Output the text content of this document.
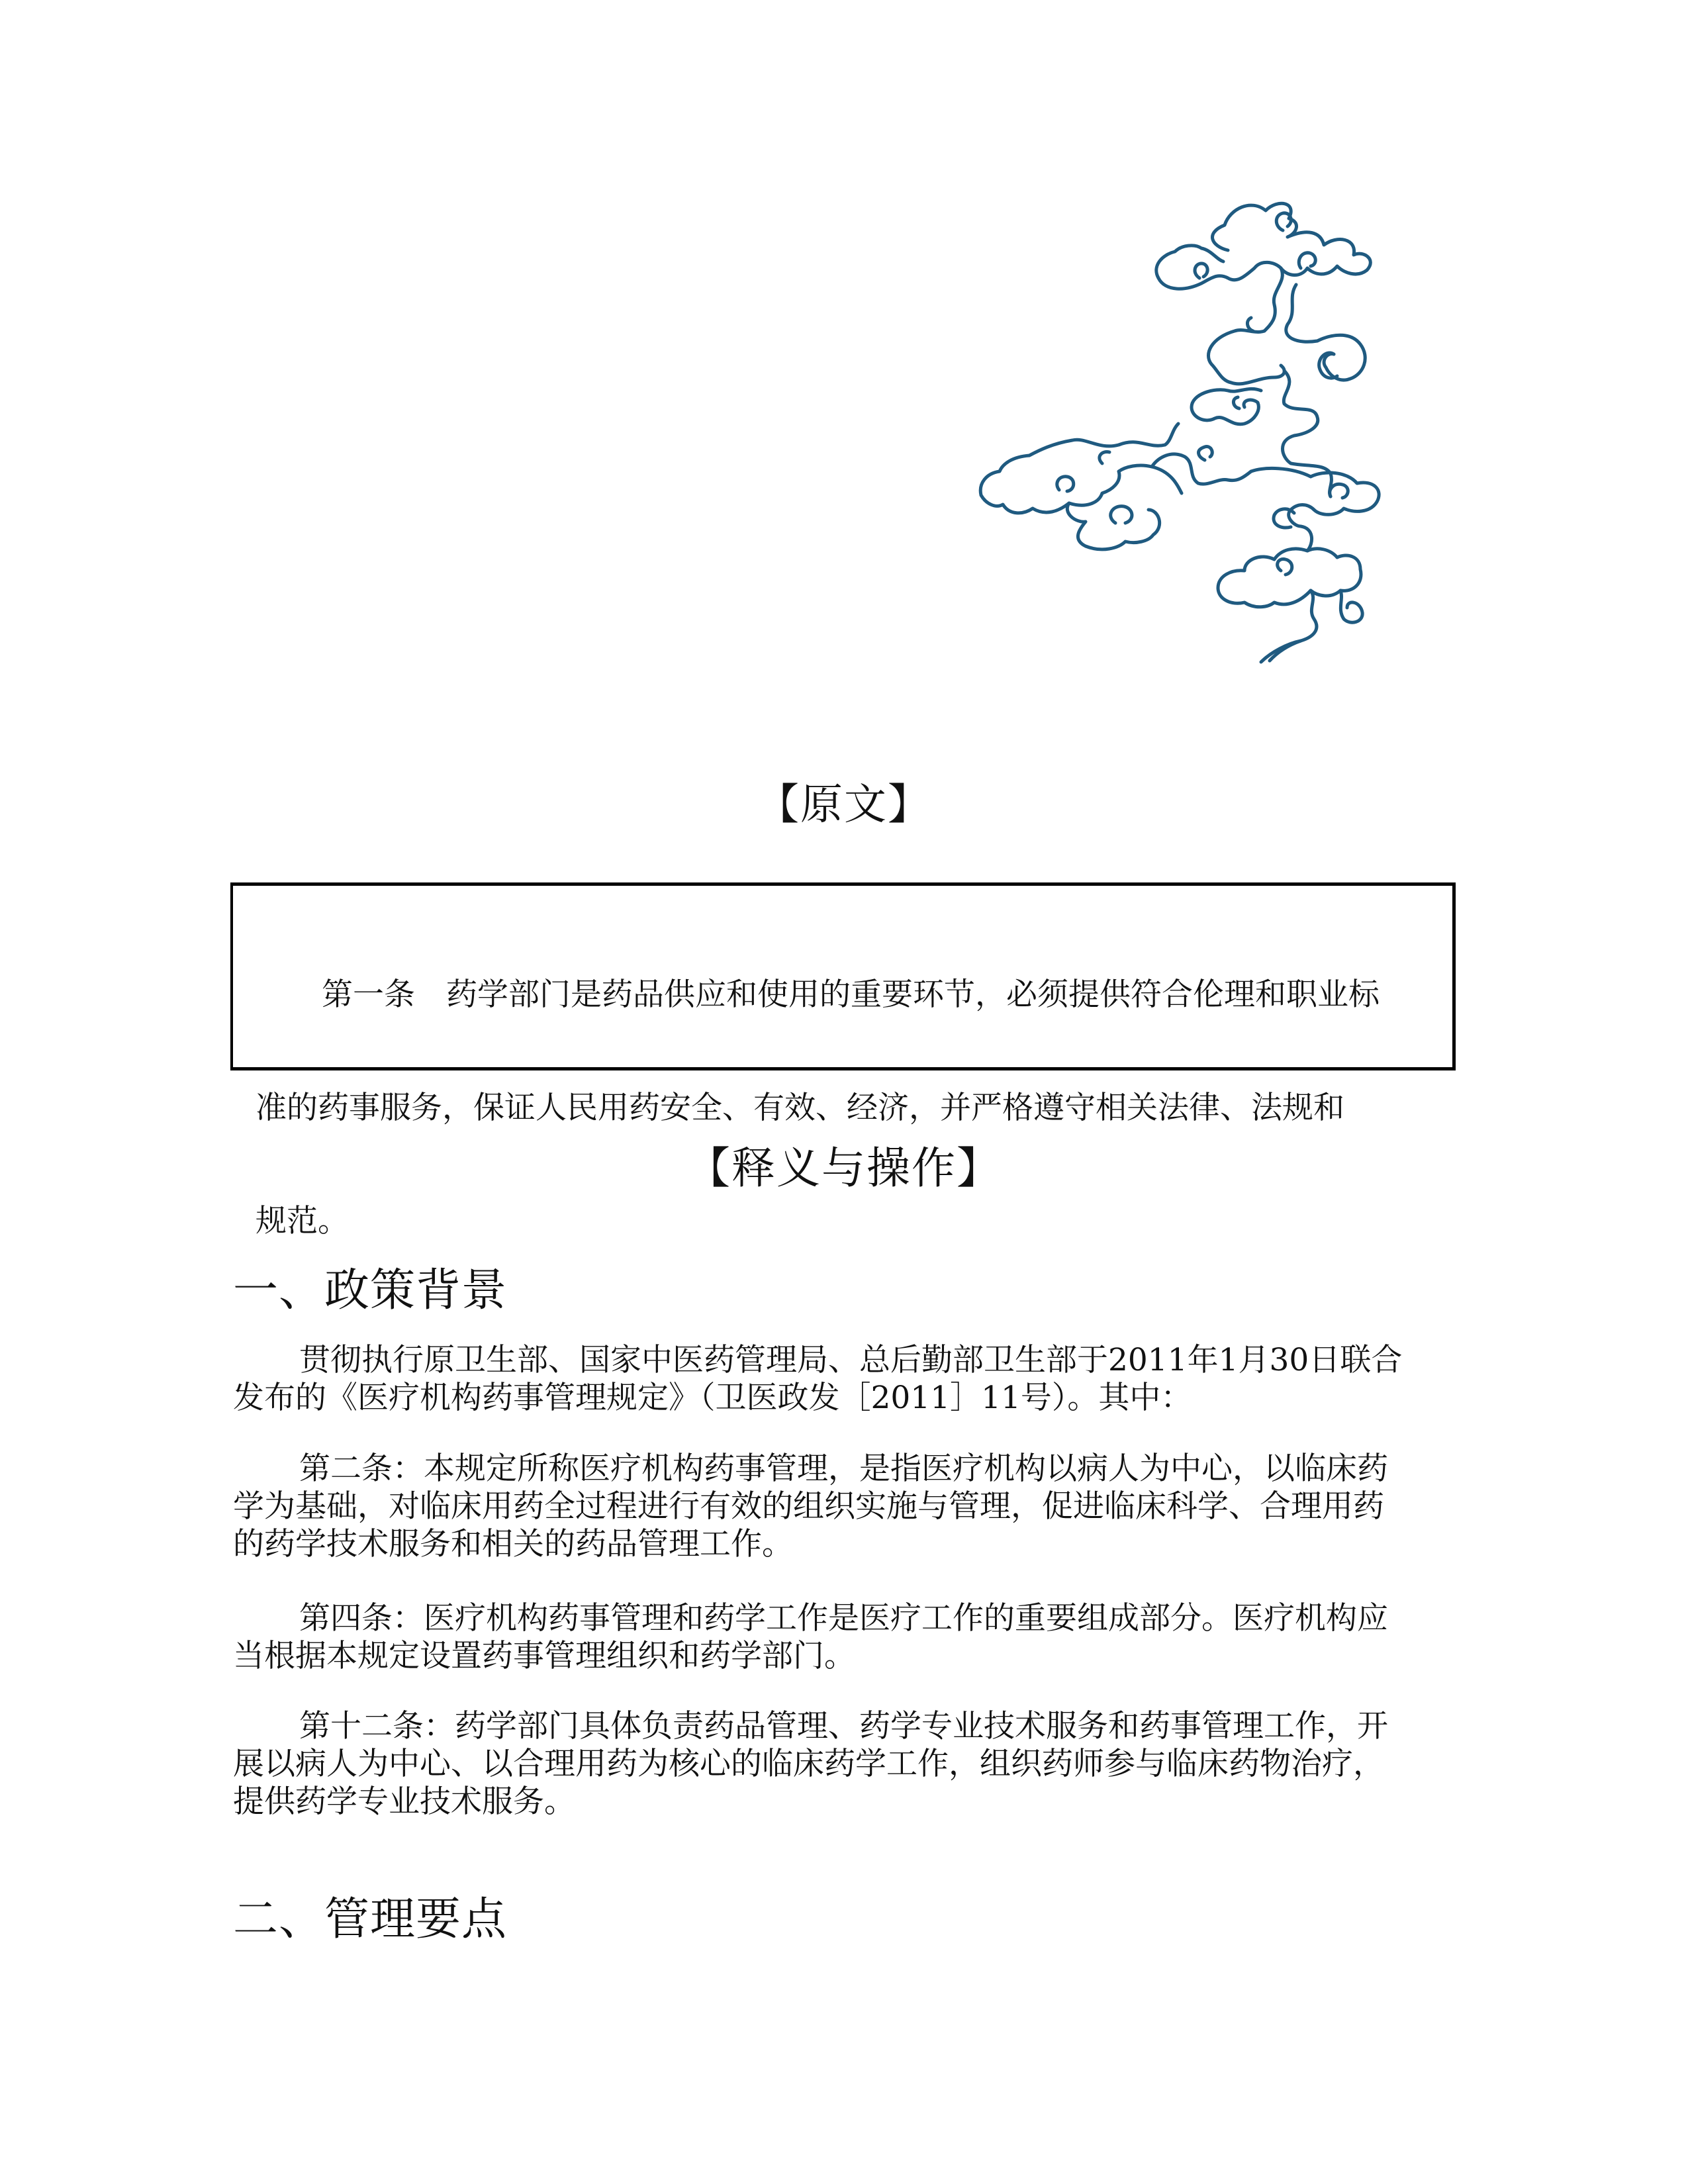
【原文】

第一条　药学部门是药品供应和使用的重要环节，必须提供符合伦理和职业标

准的药事服务，保证人民用药安全、有效、经济，并严格遵守相关法律、法规和

规范。

【释义与操作】
一、政策背景
贯彻执行原卫生部、国家中医药管理局、总后勤部卫生部于2011年1月30日联合
发布的《医疗机构药事管理规定》（卫医政发［2011］11号）。其中：
第二条：本规定所称医疗机构药事管理，是指医疗机构以病人为中心，以临床药
学为基础，对临床用药全过程进行有效的组织实施与管理，促进临床科学、合理用药
的药学技术服务和相关的药品管理工作。
第四条：医疗机构药事管理和药学工作是医疗工作的重要组成部分。医疗机构应
当根据本规定设置药事管理组织和药学部门。
第十二条：药学部门具体负责药品管理、药学专业技术服务和药事管理工作，开
展以病人为中心、以合理用药为核心的临床药学工作，组织药师参与临床药物治疗，
提供药学专业技术服务。
二、管理要点
